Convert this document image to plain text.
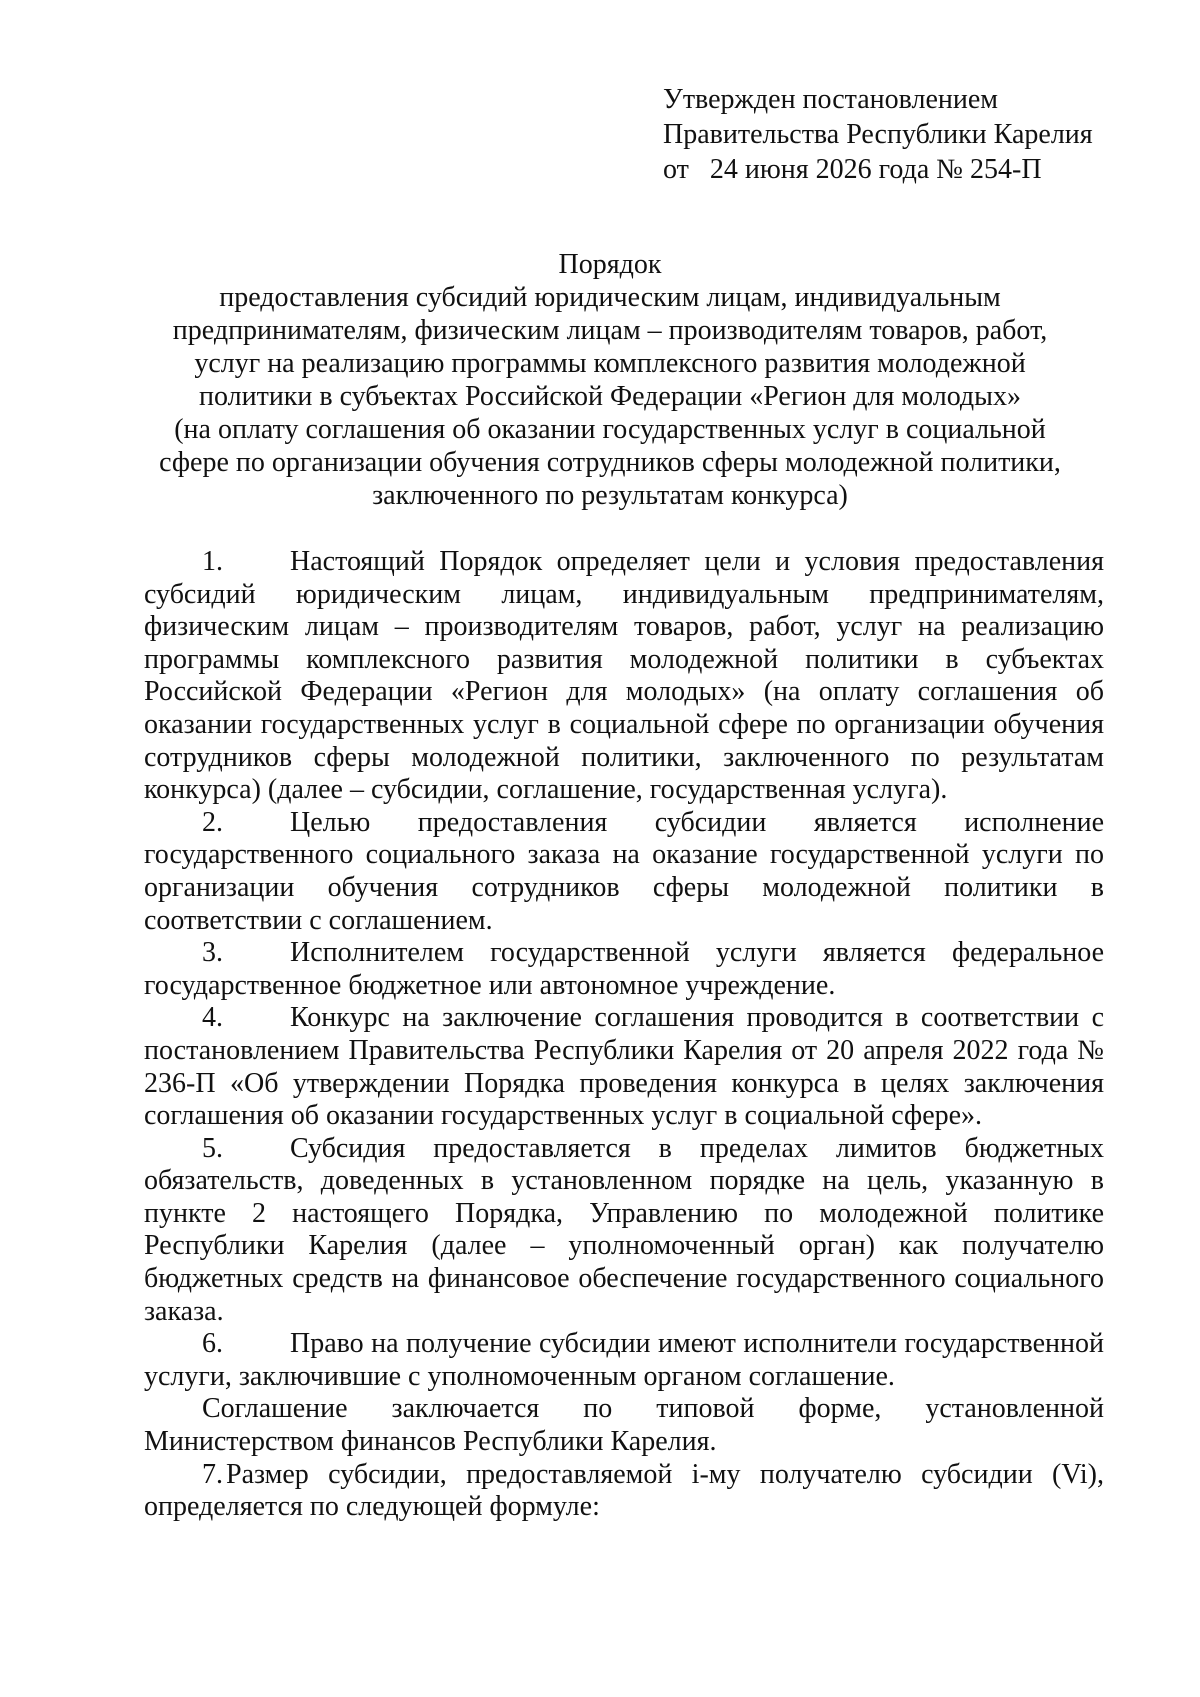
Утвержден постановлением
Правительства Республики Карелия
от 24 июня 2026 года № 254-П
Порядок
предоставления субсидий юридическим лицам, индивидуальным
предпринимателям, физическим лицам – производителям товаров, работ,
услуг на реализацию программы комплексного развития молодежной
политики в субъектах Российской Федерации «Регион для молодых»
(на оплату соглашения об оказании государственных услуг в социальной
сфере по организации обучения сотрудников сферы молодежной политики,
заключенного по результатам конкурса)

1. Настоящий Порядок определяет цели и условия предоставления субсидий юридическим лицам, индивидуальным предпринимателям, физическим лицам – производителям товаров, работ, услуг на реализацию программы комплексного развития молодежной политики в субъектах Российской Федерации «Регион для молодых» (на оплату соглашения об оказании государственных услуг в социальной сфере по организации обучения сотрудников сферы молодежной политики, заключенного по результатам конкурса) (далее – субсидии, соглашение, государственная услуга).

2. Целью предоставления субсидии является исполнение государственного социального заказа на оказание государственной услуги по организации обучения сотрудников сферы молодежной политики в соответствии с соглашением.

3. Исполнителем государственной услуги является федеральное государственное бюджетное или автономное учреждение.

4. Конкурс на заключение соглашения проводится в соответствии с постановлением Правительства Республики Карелия от 20 апреля 2022 года № 236-П «Об утверждении Порядка проведения конкурса в целях заключения соглашения об оказании государственных услуг в социальной сфере».

5. Субсидия предоставляется в пределах лимитов бюджетных обязательств, доведенных в установленном порядке на цель, указанную в пункте 2 настоящего Порядка, Управлению по молодежной политике Республики Карелия (далее – уполномоченный орган) как получателю бюджетных средств на финансовое обеспечение государственного социального заказа.

6. Право на получение субсидии имеют исполнители государственной услуги, заключившие с уполномоченным органом соглашение.

Соглашение заключается по типовой форме, установленной Министерством финансов Республики Карелия.

7. Размер субсидии, предоставляемой i-му получателю субсидии (Vi), определяется по следующей формуле:
